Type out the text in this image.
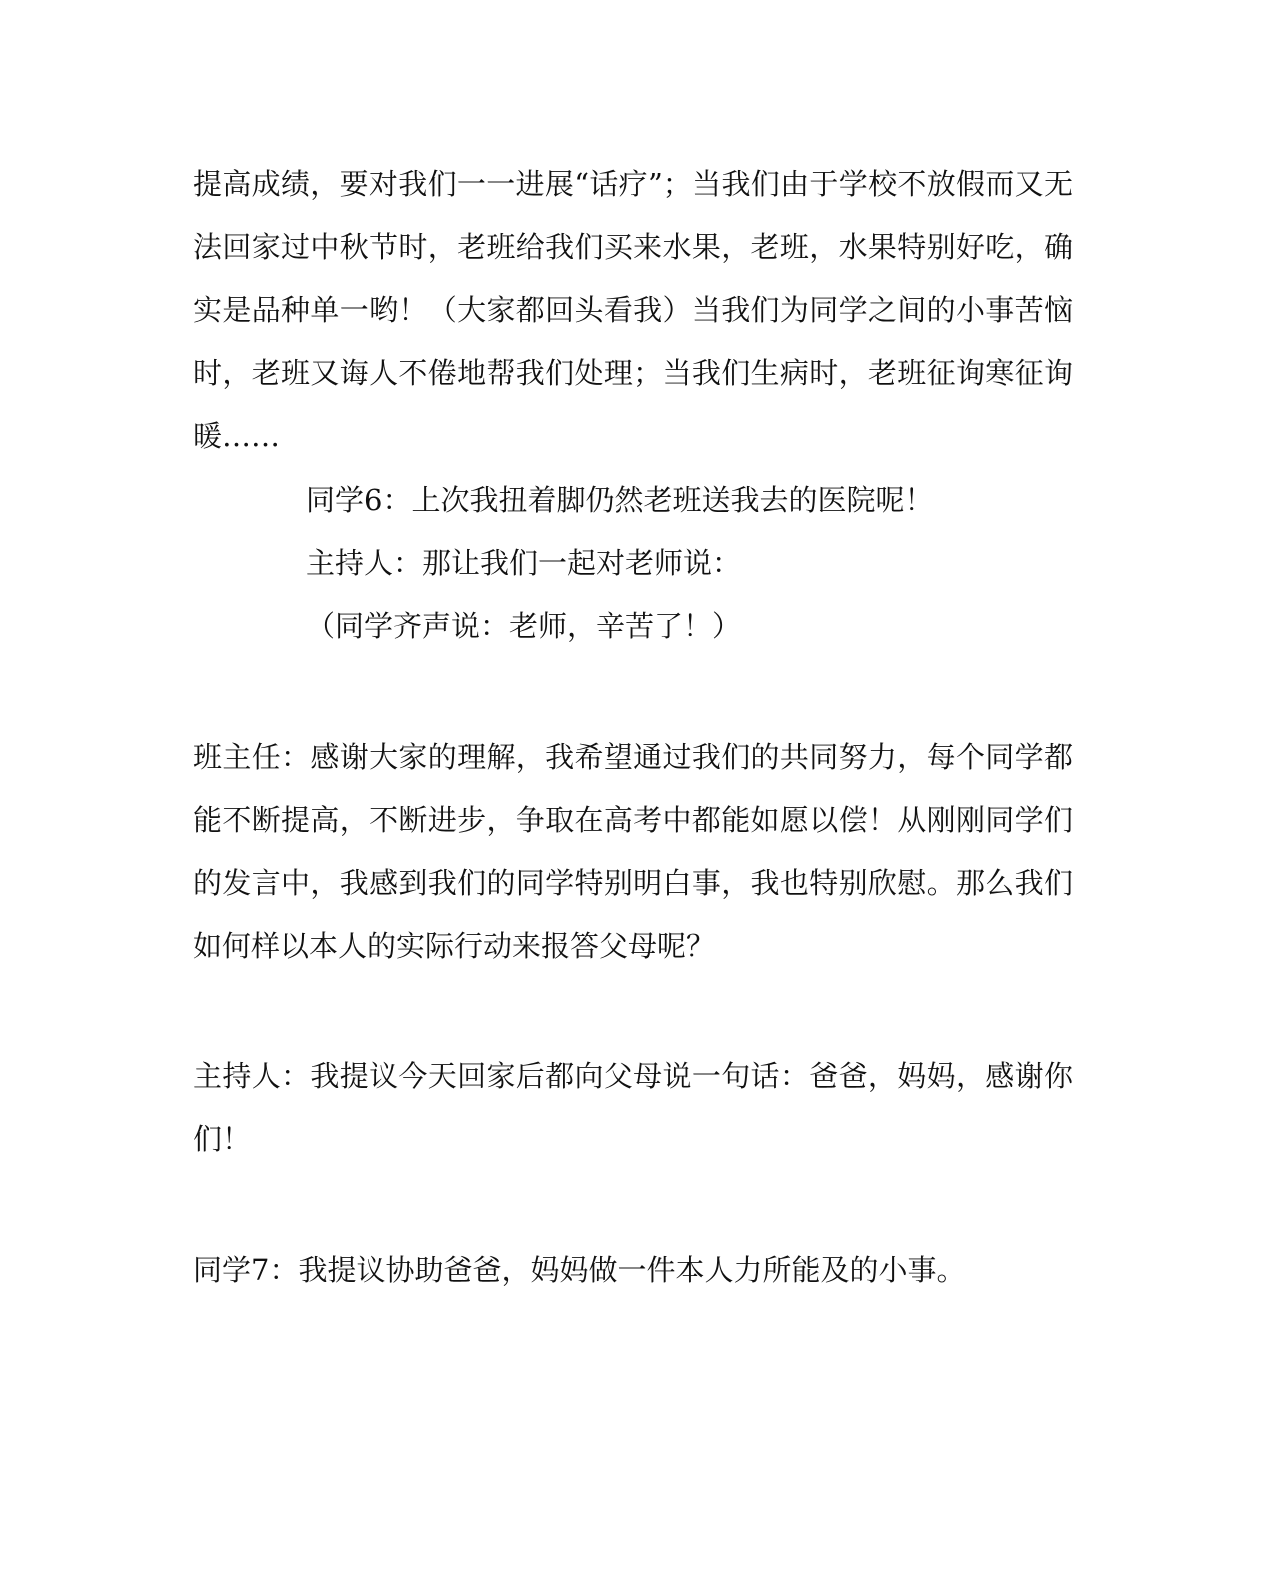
提高成绩，要对我们一一进展“话疗”；当我们由于学校不放假而又无
法回家过中秋节时，老班给我们买来水果，老班，水果特别好吃，确
实是品种单一哟！（大家都回头看我）当我们为同学之间的小事苦恼
时，老班又诲人不倦地帮我们处理；当我们生病时，老班征询寒征询
暖……
同学6：上次我扭着脚仍然老班送我去的医院呢！
主持人：那让我们一起对老师说：
（同学齐声说：老师，辛苦了！）
班主任：感谢大家的理解，我希望通过我们的共同努力，每个同学都
能不断提高，不断进步，争取在高考中都能如愿以偿！从刚刚同学们
的发言中，我感到我们的同学特别明白事，我也特别欣慰。那么我们
如何样以本人的实际行动来报答父母呢？
主持人：我提议今天回家后都向父母说一句话：爸爸，妈妈，感谢你
们！
同学7：我提议协助爸爸，妈妈做一件本人力所能及的小事。
